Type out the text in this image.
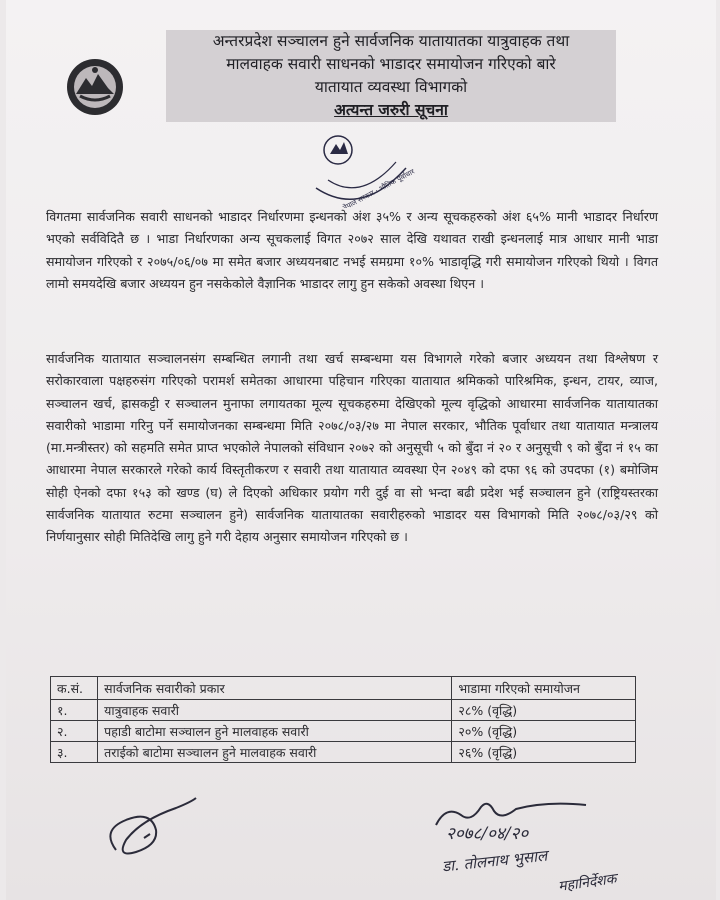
अन्तरप्रदेश सञ्चालन हुने सार्वजनिक यातायातका यात्रुवाहक तथा
मालवाहक सवारी साधनको भाडादर समायोजन गरिएको बारे
यातायात व्यवस्था विभागको
अत्यन्त जरुरी सूचना
नेपाल सरकार · भौतिक पूर्वाधार
विगतमा सार्वजनिक सवारी साधनको भाडादर निर्धारणमा इन्धनको अंश ३५% र अन्य सूचकहरुको अंश ६५% मानी भाडादर निर्धारण भएको सर्वविदितै छ । भाडा निर्धारणका अन्य सूचकलाई विगत २०७२ साल देखि यथावत राखी इन्धनलाई मात्र आधार मानी भाडा समायोजन गरिएको र २०७५/०६/०७ मा समेत बजार अध्ययनबाट नभई समग्रमा १०% भाडावृद्धि गरी समायोजन गरिएको थियो । विगत लामो समयदेखि बजार अध्ययन हुन नसकेकोले वैज्ञानिक भाडादर लागु हुन सकेको अवस्था थिएन ।
सार्वजनिक यातायात सञ्चालनसंग सम्बन्धित लगानी तथा खर्च सम्बन्धमा यस विभागले गरेको बजार अध्ययन तथा विश्लेषण र सरोकारवाला पक्षहरुसंग गरिएको परामर्श समेतका आधारमा पहिचान गरिएका यातायात श्रमिकको पारिश्रमिक, इन्धन, टायर, व्याज, सञ्चालन खर्च, ह्रासकट्टी र सञ्चालन मुनाफा लगायतका मूल्य सूचकहरुमा देखिएको मूल्य वृद्धिको आधारमा सार्वजनिक यातायातका सवारीको भाडामा गरिनु पर्ने समायोजनका सम्बन्धमा मिति २०७८/०३/२७ मा नेपाल सरकार, भौतिक पूर्वाधार तथा यातायात मन्त्रालय (मा.मन्त्रीस्तर) को सहमति समेत प्राप्त भएकोले नेपालको संविधान २०७२ को अनुसूची ५ को बुँदा नं २० र अनुसूची ९ को बुँदा नं १५ का आधारमा नेपाल सरकारले गरेको कार्य विस्तृतीकरण र सवारी तथा यातायात व्यवस्था ऐन २०४९ को दफा ९६ को उपदफा (१) बमोजिम सोही ऐनको दफा १५३ को खण्ड (घ) ले दिएको अधिकार प्रयोग गरी दुई वा सो भन्दा बढी प्रदेश भई सञ्चालन हुने (राष्ट्रियस्तरका सार्वजनिक यातायात रुटमा सञ्चालन हुने) सार्वजनिक यातायातका सवारीहरुको भाडादर यस विभागको मिति २०७८/०३/२९ को निर्णयानुसार सोही मितिदेखि लागु हुने गरी देहाय अनुसार समायोजन गरिएको छ ।
क.सं.	सार्वजनिक सवारीको प्रकार	भाडामा गरिएको समायोजन
१.	यात्रुवाहक सवारी	२८% (वृद्धि)
२.	पहाडी बाटोमा सञ्चालन हुने मालवाहक सवारी	२०% (वृद्धि)
३.	तराईको बाटोमा सञ्चालन हुने मालवाहक सवारी	२६% (वृद्धि)
२०७८/०४/२०
डा. तोलनाथ भुसाल
महानिर्देशक
